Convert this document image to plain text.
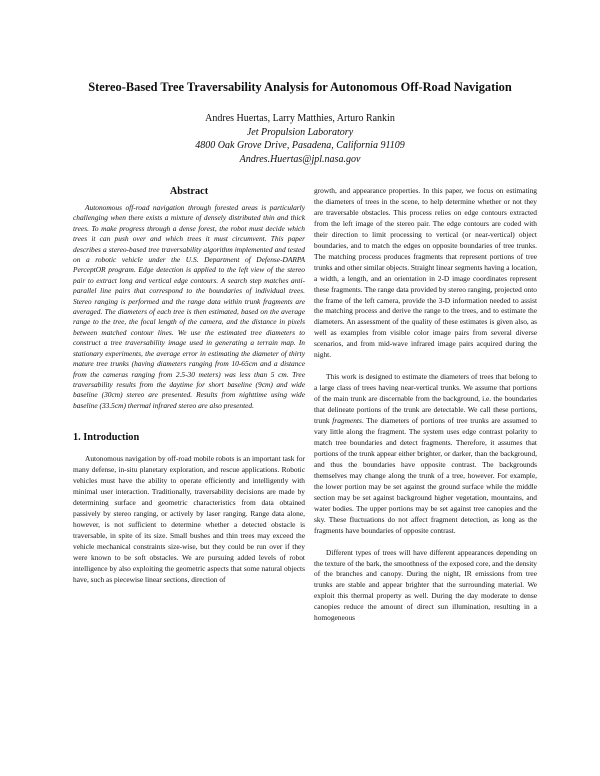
Stereo-Based Tree Traversability Analysis for Autonomous Off-Road Navigation
Andres Huertas, Larry Matthies, Arturo Rankin
Jet Propulsion Laboratory
4800 Oak Grove Drive, Pasadena, California 91109
Andres.Huertas@jpl.nasa.gov
Abstract

Autonomous off-road navigation through forested areas is particularly challenging when there exists a mixture of densely distributed thin and thick trees. To make progress through a dense forest, the robot must decide which trees it can push over and which trees it must circumvent. This paper describes a stereo-based tree traversability algorithm implemented and tested on a robotic vehicle under the U.S. Department of Defense-DARPA PerceptOR program. Edge detection is applied to the left view of the stereo pair to extract long and vertical edge contours. A search step matches anti-parallel line pairs that correspond to the boundaries of individual trees. Stereo ranging is performed and the range data within trunk fragments are averaged. The diameters of each tree is then estimated, based on the average range to the tree, the focal length of the camera, and the distance in pixels between matched contour lines. We use the estimated tree diameters to construct a tree traversability image used in generating a terrain map. In stationary experiments, the average error in estimating the diameter of thirty mature tree trunks (having diameters ranging from 10-65cm and a distance from the cameras ranging from 2.5-30 meters) was less than 5 cm. Tree traversability results from the daytime for short baseline (9cm) and wide baseline (30cm) stereo are presented. Results from nighttime using wide baseline (33.5cm) thermal infrared stereo are also presented.

1. Introduction

Autonomous navigation by off-road mobile robots is an important task for many defense, in-situ planetary exploration, and rescue applications. Robotic vehicles must have the ability to operate efficiently and intelligently with minimal user interaction. Traditionally, traversability decisions are made by determining surface and geometric characteristics from data obtained passively by stereo ranging, or actively by laser ranging. Range data alone, however, is not sufficient to determine whether a detected obstacle is traversable, in spite of its size. Small bushes and thin trees may exceed the vehicle mechanical constraints size-wise, but they could be run over if they were known to be soft obstacles. We are pursuing added levels of robot intelligence by also exploiting the geometric aspects that some natural objects have, such as piecewise linear sections, direction of

growth, and appearance properties. In this paper, we focus on estimating the diameters of trees in the scene, to help determine whether or not they are traversable obstacles. This process relies on edge contours extracted from the left image of the stereo pair. The edge contours are coded with their direction to limit processing to vertical (or near-vertical) object boundaries, and to match the edges on opposite boundaries of tree trunks. The matching process produces fragments that represent portions of tree trunks and other similar objects. Straight linear segments having a location, a width, a length, and an orientation in 2-D image coordinates represent these fragments. The range data provided by stereo ranging, projected onto the frame of the left camera, provide the 3-D information needed to assist the matching process and derive the range to the trees, and to estimate the diameters. An assessment of the quality of these estimates is given also, as well as examples from visible color image pairs from several diverse scenarios, and from mid-wave infrared image pairs acquired during the night.

This work is designed to estimate the diameters of trees that belong to a large class of trees having near-vertical trunks. We assume that portions of the main trunk are discernable from the background, i.e. the boundaries that delineate portions of the trunk are detectable. We call these portions, trunk fragments. The diameters of portions of tree trunks are assumed to vary little along the fragment. The system uses edge contrast polarity to match tree boundaries and detect fragments. Therefore, it assumes that portions of the trunk appear either brighter, or darker, than the background, and thus the boundaries have opposite contrast. The backgrounds themselves may change along the trunk of a tree, however. For example, the lower portion may be set against the ground surface while the middle section may be set against background higher vegetation, mountains, and water bodies. The upper portions may be set against tree canopies and the sky. These fluctuations do not affect fragment detection, as long as the fragments have boundaries of opposite contrast.

Different types of trees will have different appearances depending on the texture of the bark, the smoothness of the exposed core, and the density of the branches and canopy. During the night, IR emissions from tree trunks are stable and appear brighter that the surrounding material. We exploit this thermal property as well. During the day moderate to dense canopies reduce the amount of direct sun illumination, resulting in a homogeneous
